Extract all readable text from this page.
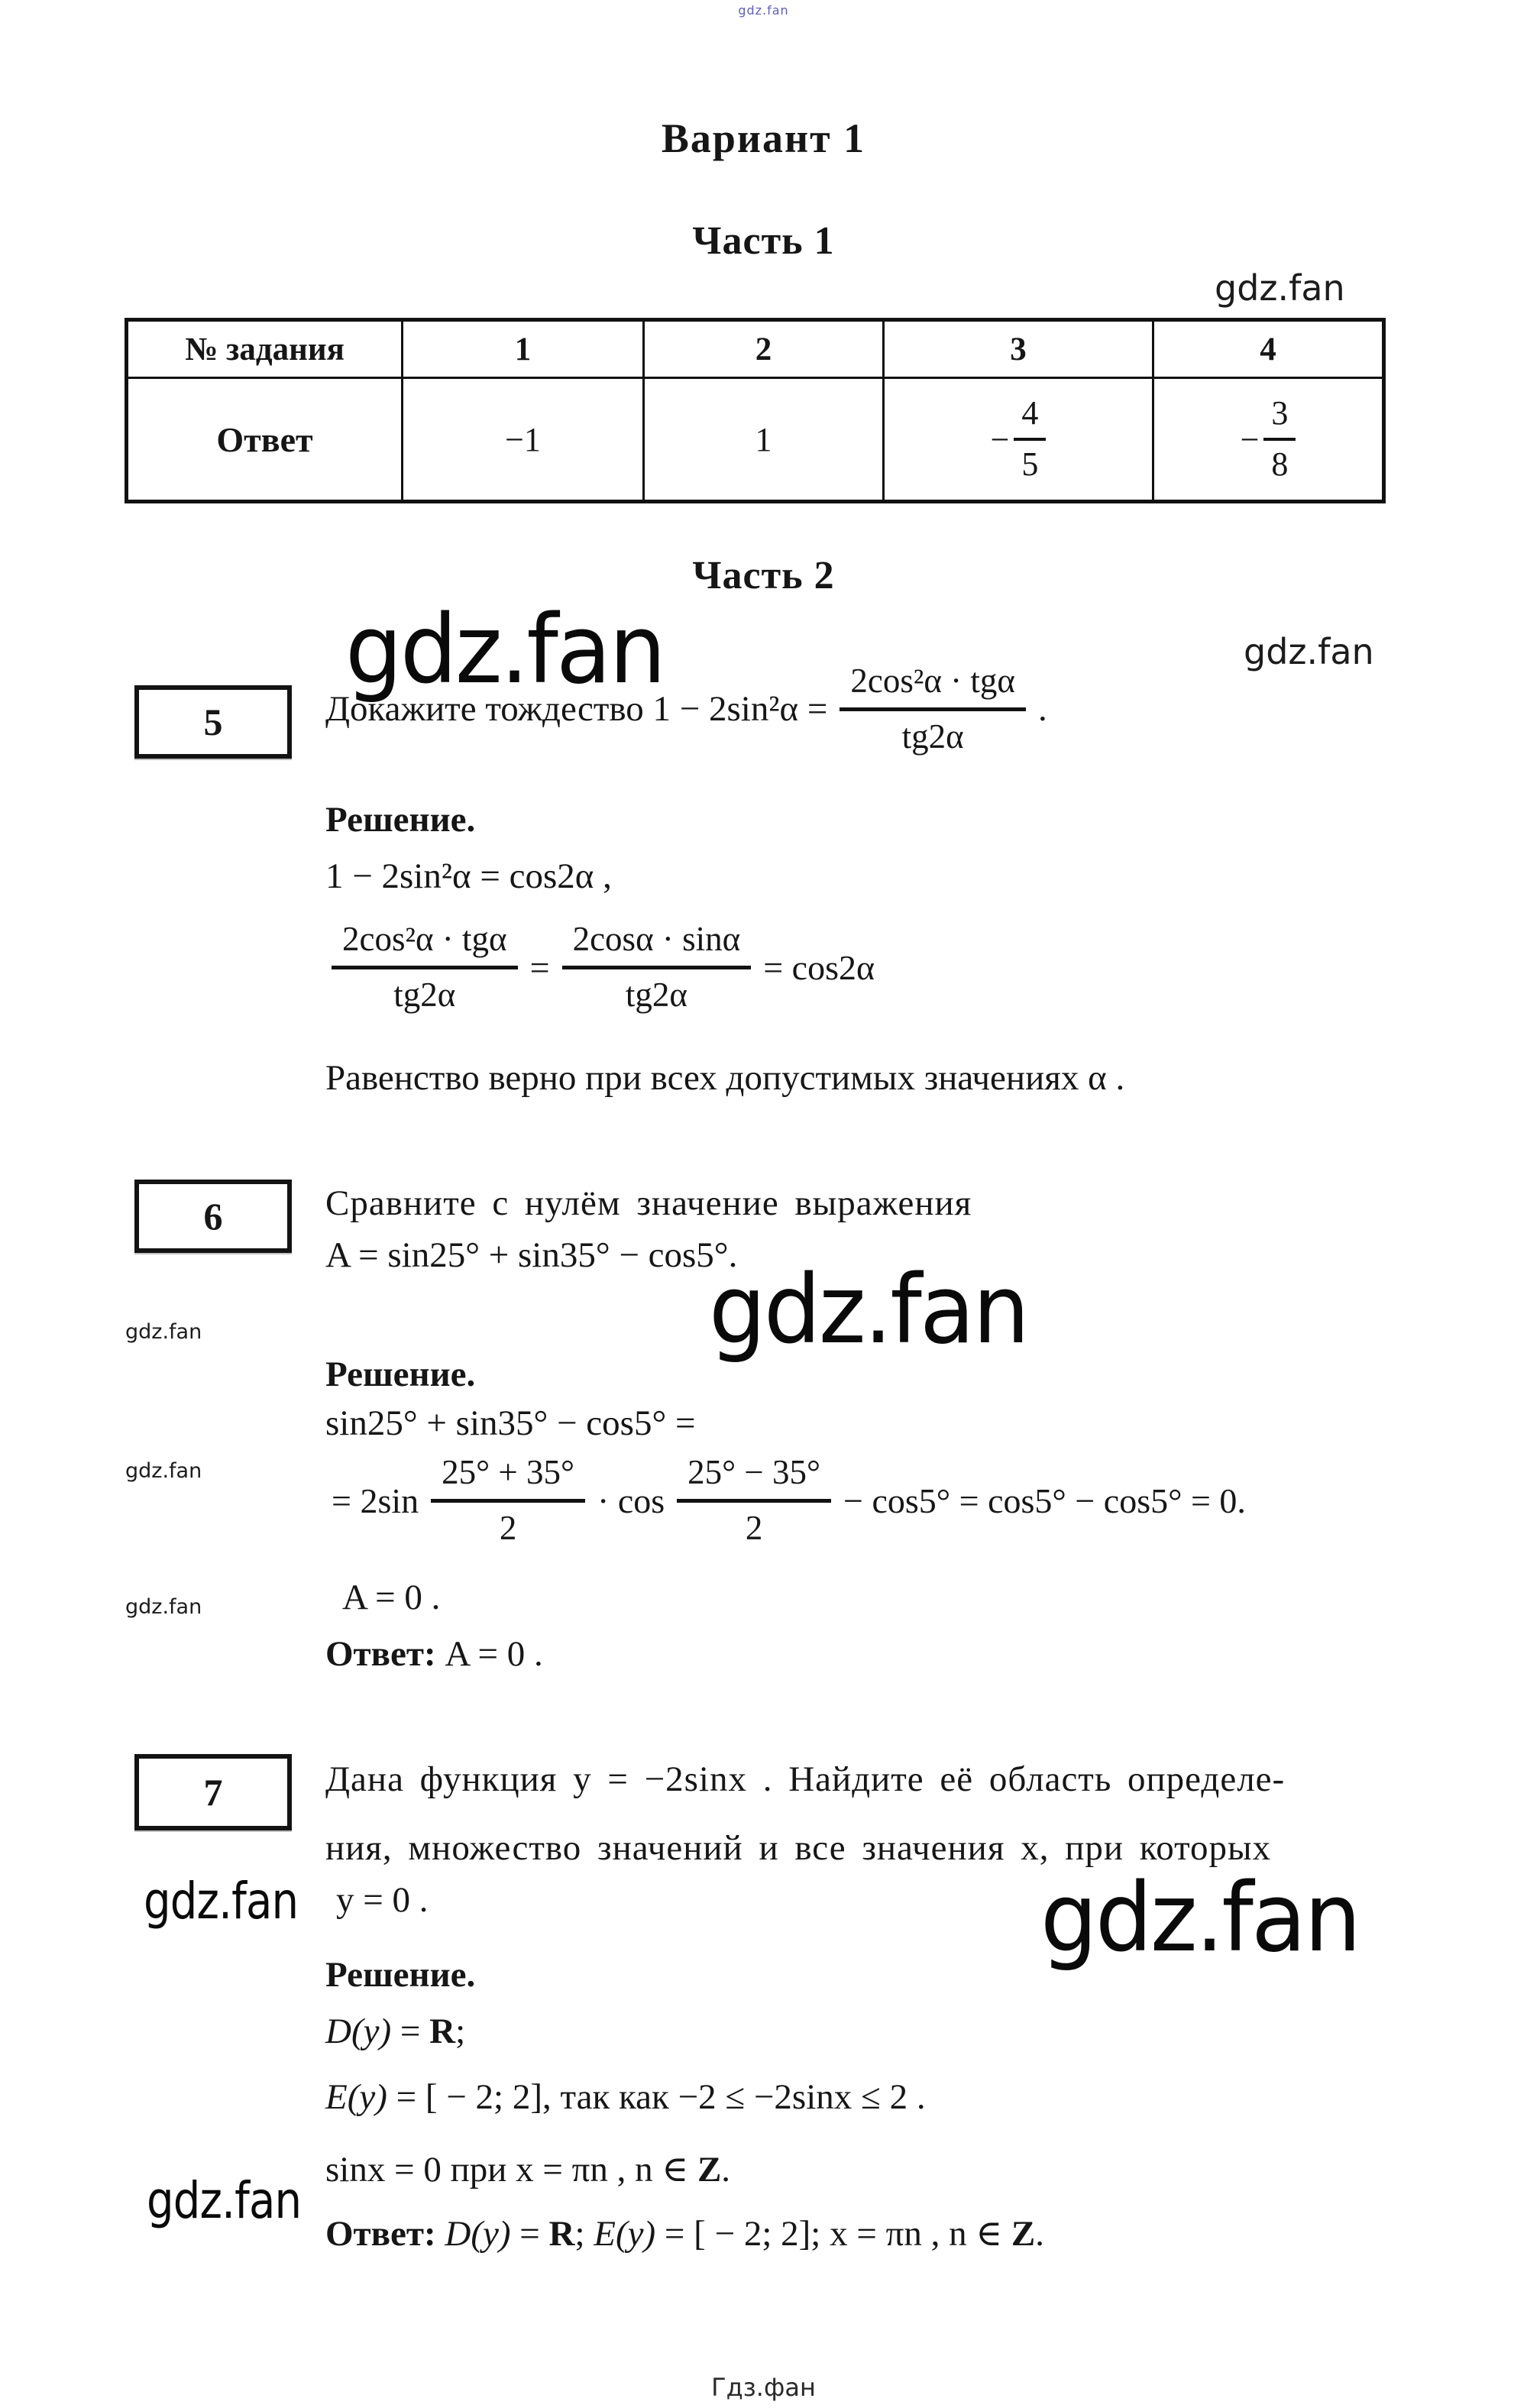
gdz.fan
Вариант 1
Часть 1
gdz.fan
№ задания	1	2	3	4
Ответ	−1	1	− $\frac{4}{5}$	− $\frac{3}{8}$
Часть 2
gdz.fan	gdz.fan
5	Докажите тождество $1 - 2\sin^2\alpha = \frac{\text{2cos²α · tgα}}{tg2\alpha}$ .
Решение.
1 − 2sin²α = cos2α ,
$\frac{\text{2cos²α · tgα}}{tg2\alpha} = \frac{2\cos\alpha \cdot \sin\alpha}{tg2\alpha} = \cos 2\alpha$
Равенство верно при всех допустимых значениях α .
6	Сравните с нулём значение выражения
A = sin25° + sin35° − cos5°.
gdz.fan
gdz.fan
Решение.
sin25° + sin35° − cos5° =
gdz.fan
= $2\sin \frac{25^\circ + 35^\circ}{2} \cdot \cos \frac{25^\circ - 35^\circ}{2} - \cos 5^\circ = \cos 5^\circ - \cos 5^\circ = 0$.
A = 0 .
gdz.fan
Ответ: A = 0 .
7	Дана функция y = −2sinx . Найдите её область определе-
ния, множество значений и все значения x, при которых
gdz.fan y = 0 .	gdz.fan
Решение.
D(y) = R;
E(y) = [ − 2; 2], так как −2 ≤ −2sinx ≤ 2 .
sinx = 0 при x = πn , n ∈ Z.
gdz.fan
Ответ: D(y) = R; E(y) = [ − 2; 2]; x = πn , n ∈ Z.
Гдз.фан
